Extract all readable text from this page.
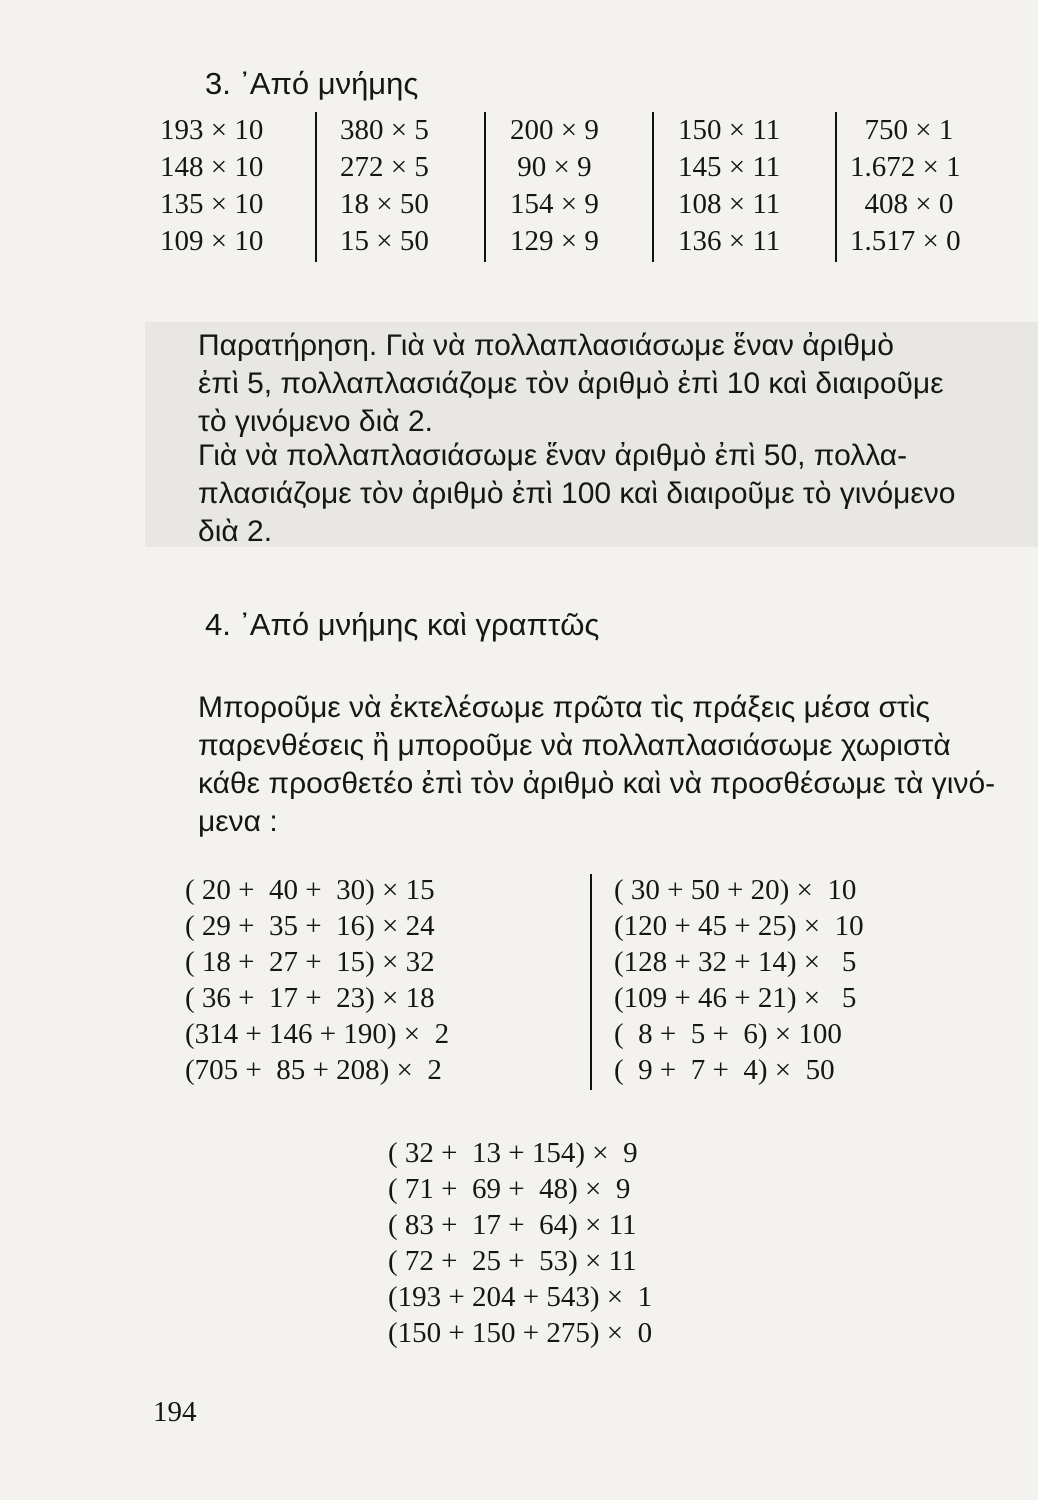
3. ᾿Από μνήμης
193 × 10
148 × 10
135 × 10
109 × 10
380 × 5
272 × 5
18 × 50
15 × 50
200 × 9
90 × 9
154 × 9
129 × 9
150 × 11
145 × 11
108 × 11
136 × 11
750 × 1
1.672 × 1
408 × 0
1.517 × 0
Παρατήρηση. Γιὰ νὰ πολλαπλασιάσωμε ἕναν ἀριθμὸ
ἐπὶ 5, πολλαπλασιάζομε τὸν ἀριθμὸ ἐπὶ 10 καὶ διαιροῦμε
τὸ γινόμενο διὰ 2.
Γιὰ νὰ πολλαπλασιάσωμε ἕναν ἀριθμὸ ἐπὶ 50, πολλα-
πλασιάζομε τὸν ἀριθμὸ ἐπὶ 100 καὶ διαιροῦμε τὸ γινόμενο
διὰ 2.
4. ᾿Από μνήμης καὶ γραπτῶς
Μποροῦμε νὰ ἐκτελέσωμε πρῶτα τὶς πράξεις μέσα στὶς
παρενθέσεις ἢ μποροῦμε νὰ πολλαπλασιάσωμε χωριστὰ
κάθε προσθετέο ἐπὶ τὸν ἀριθμὸ καὶ νὰ προσθέσωμε τὰ γινό-
μενα :
( 20 +  40 +  30) × 15
( 29 +  35 +  16) × 24
( 18 +  27 +  15) × 32
( 36 +  17 +  23) × 18
(314 + 146 + 190) ×  2
(705 +  85 + 208) ×  2
( 30 + 50 + 20) ×  10
(120 + 45 + 25) ×  10
(128 + 32 + 14) ×   5
(109 + 46 + 21) ×   5
(  8 +  5 +  6) × 100
(  9 +  7 +  4) ×  50
( 32 +  13 + 154) ×  9
( 71 +  69 +  48) ×  9
( 83 +  17 +  64) × 11
( 72 +  25 +  53) × 11
(193 + 204 + 543) ×  1
(150 + 150 + 275) ×  0
194
